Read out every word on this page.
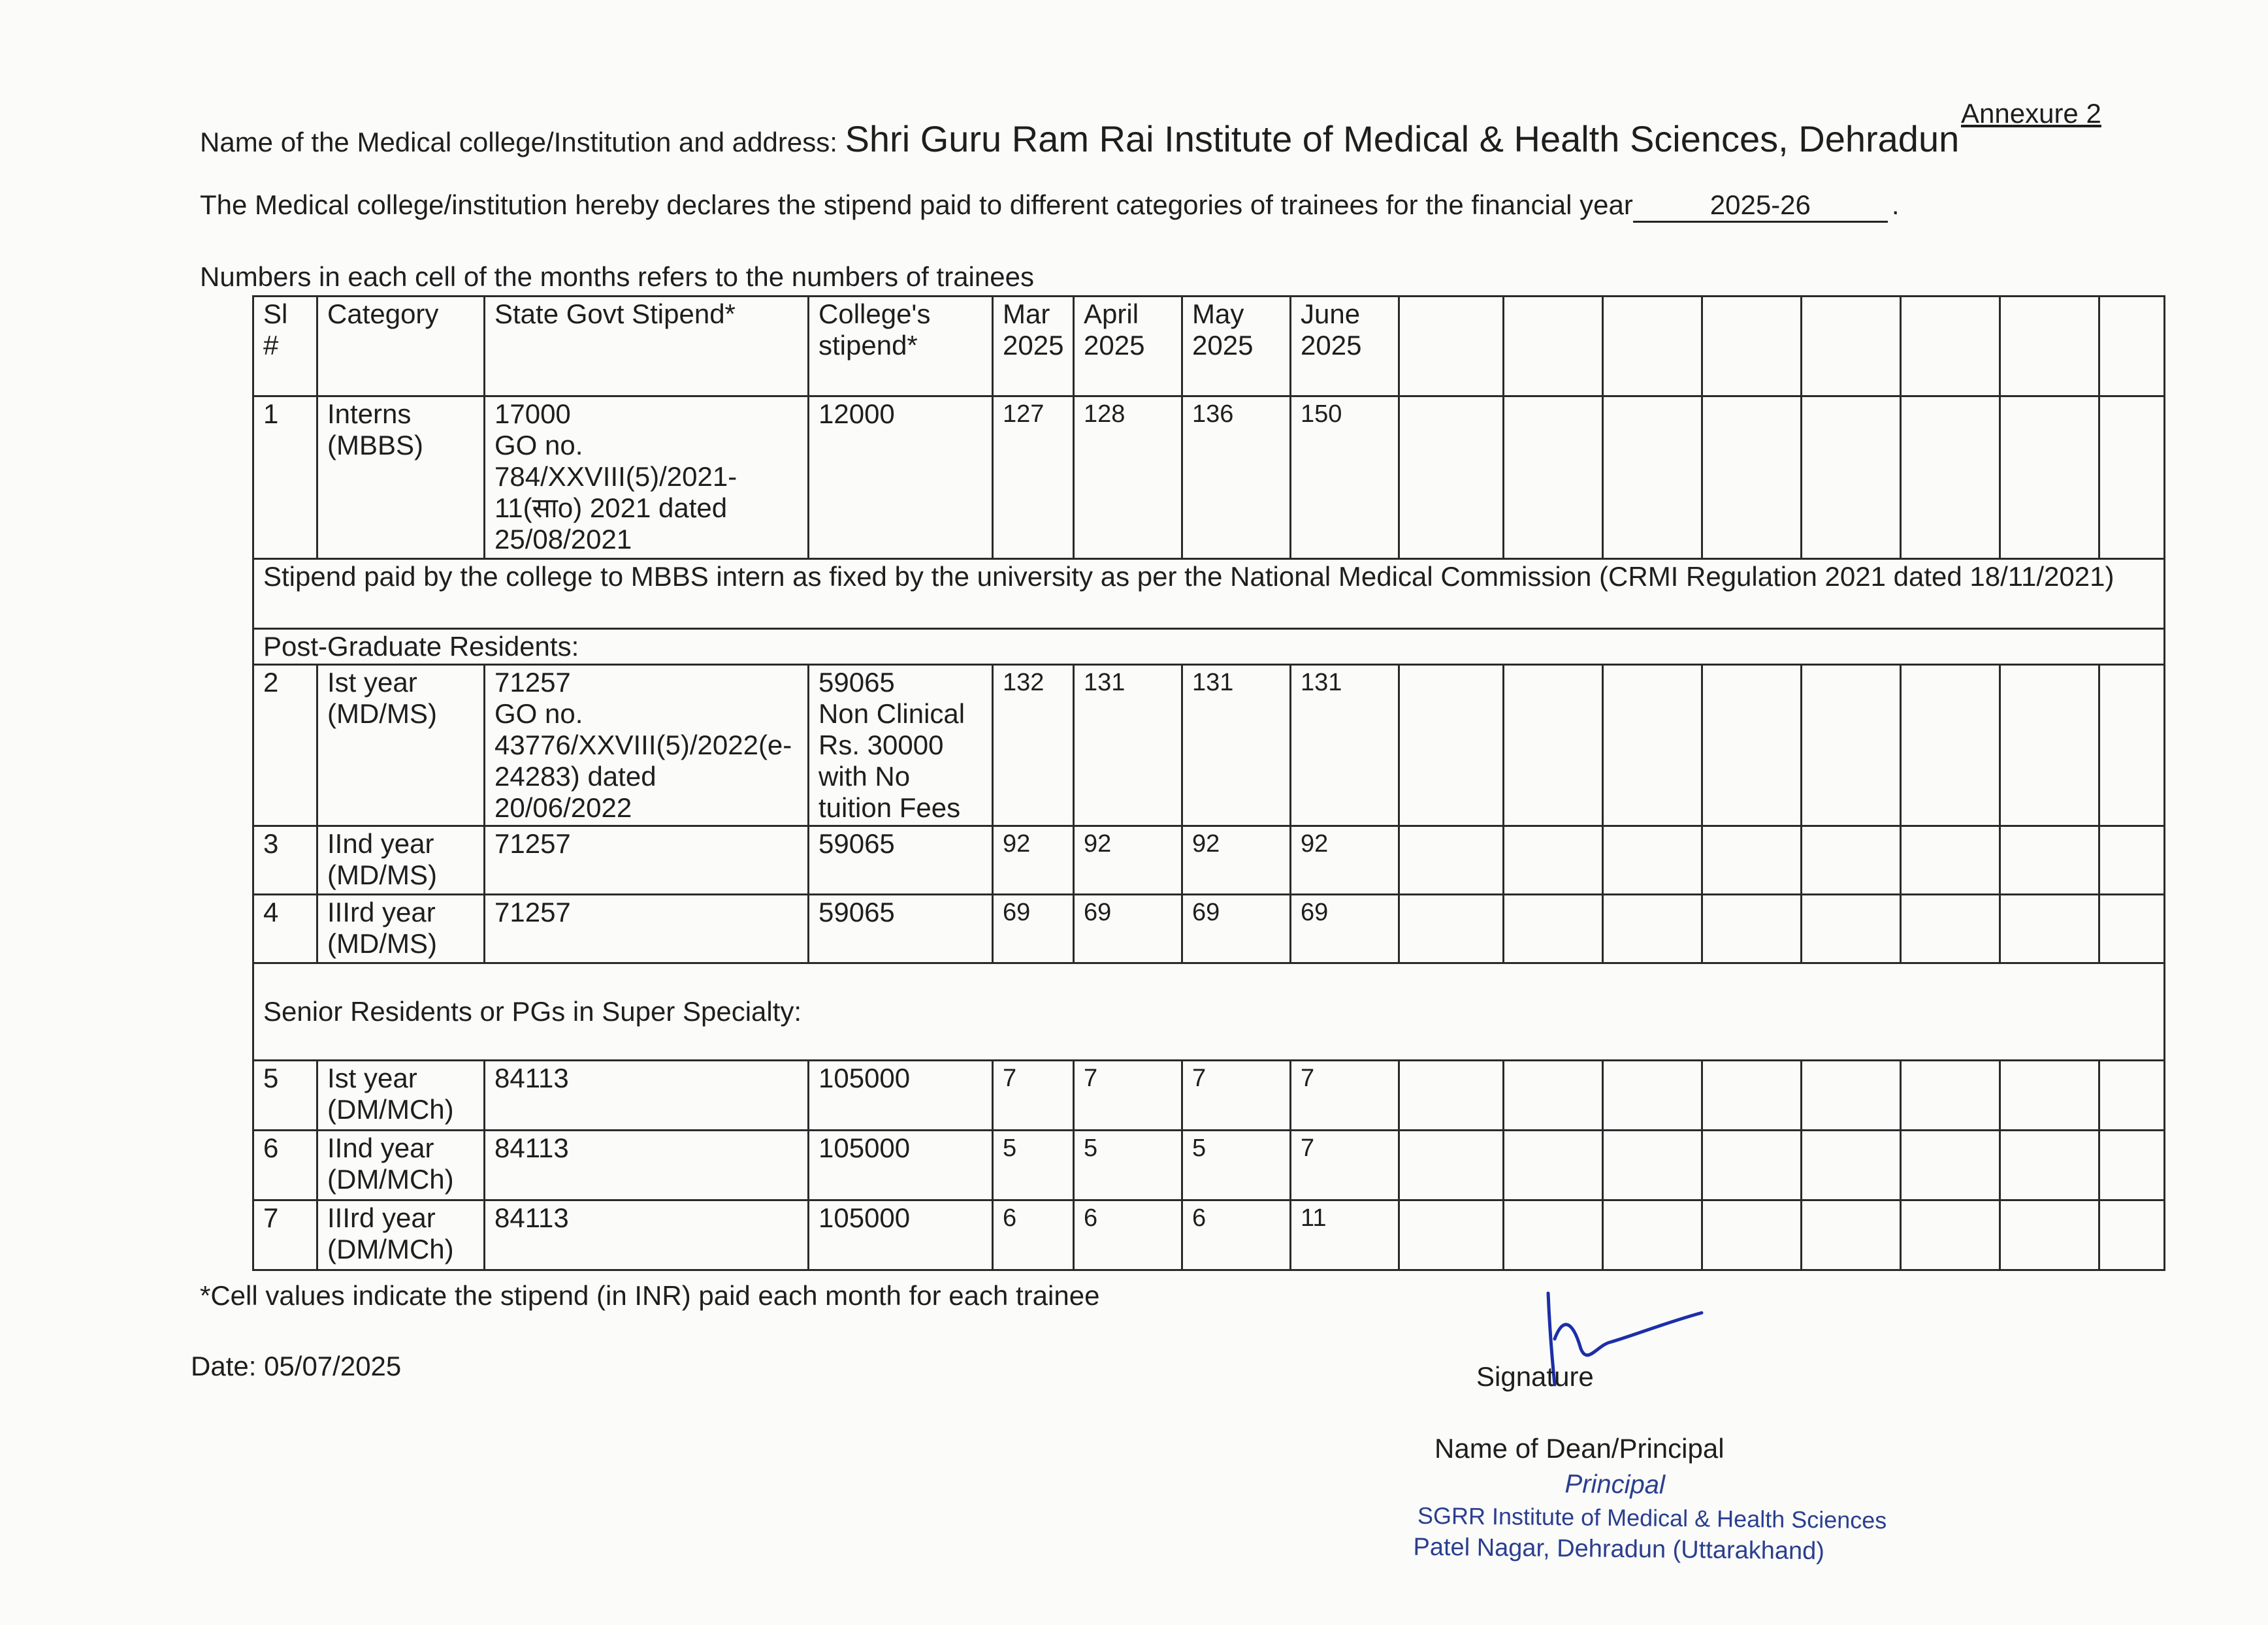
Annexure 2
Name of the Medical college/Institution and address: Shri Guru Ram Rai Institute of Medical & Health Sciences, Dehradun
The Medical college/institution hereby declares the stipend paid to different categories of trainees for the financial year	2025-26	.
Numbers in each cell of the months refers to the numbers of trainees
Sl #	Category	State Govt Stipend*	College's stipend*	Mar 2025	April 2025	May 2025	June 2025								
1	Interns (MBBS)	17000
GO no.
784/XXVIII(5)/2021-
11(साo) 2021 dated
25/08/2021	12000	127	128	136	150								
Stipend paid by the college to MBBS intern as fixed by the university as per the National Medical Commission (CRMI Regulation 2021 dated 18/11/2021)															
Post-Graduate Residents:															
2	Ist year (MD/MS)	71257
GO no.
43776/XXVIII(5)/2022(e-24283) dated
20/06/2022	59065
Non Clinical
Rs. 30000
with No
tuition Fees	132	131	131	131								
3	IInd year (MD/MS)	71257	59065	92	92	92	92								
4	IIIrd year (MD/MS)	71257	59065	69	69	69	69								
Senior Residents or PGs in Super Specialty:															
5	Ist year (DM/MCh)	84113	105000	7	7	7	7								
6	IInd year (DM/MCh)	84113	105000	5	5	5	7								
7	IIIrd year (DM/MCh)	84113	105000	6	6	6	11								
*Cell values indicate the stipend (in INR) paid each month for each trainee
Date: 05/07/2025	Signature
Name of Dean/Principal
Principal
SGRR Institute of Medical & Health Sciences
Patel Nagar, Dehradun (Uttarakhand)
